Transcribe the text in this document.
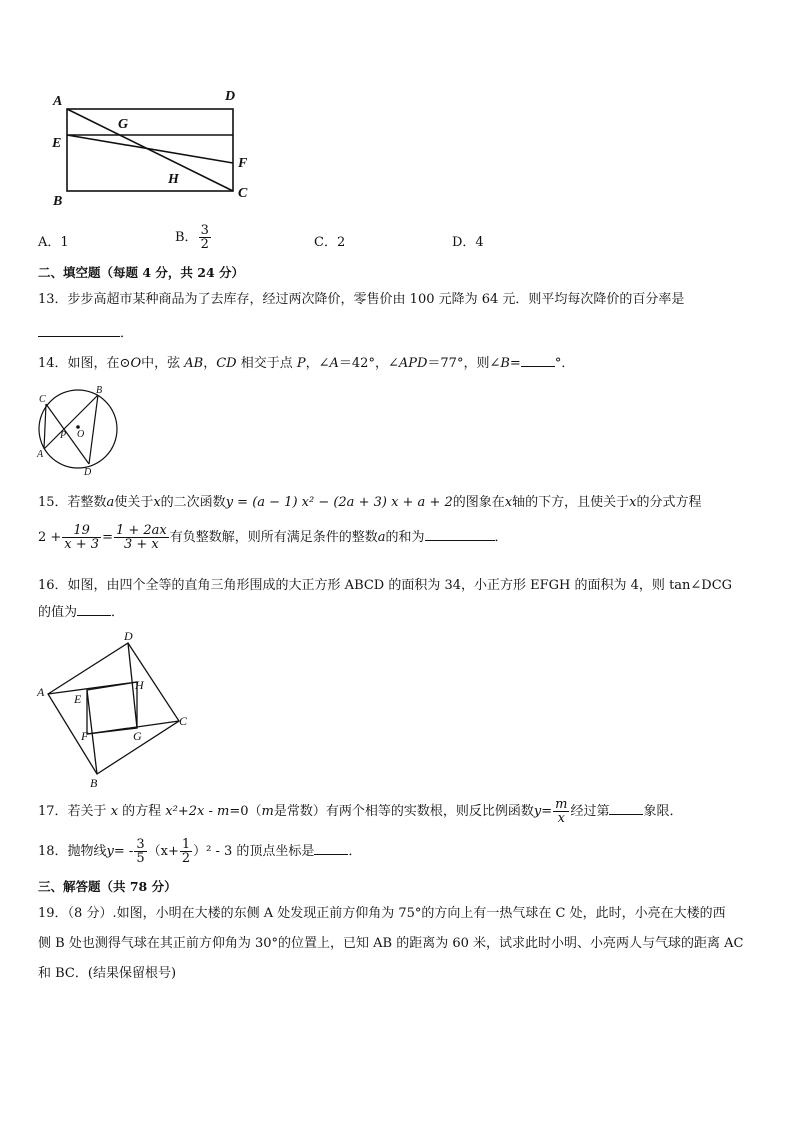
A	D
G
E
F
H
B
C
A．1	B． $\frac{3}{2}$	C．2	D．4
二、填空题（每题 4 分，共 24 分）
13．步步高超市某种商品为了去库存，经过两次降价，零售价由 100 元降为 64 元．则平均每次降价的百分率是
．
14．如图，在⊙O中，弦 AB，CD 相交于点 P，∠A＝42°，∠APD＝77°，则∠B=	°．
C
B
P O
A
D
15．若整数a使关于x的二次函数y = (a − 1) x² − (2a + 3) x + a + 2的图象在x轴的下方，且使关于x的分式方程
$2 + \frac{19}{x + 3} = \frac{1 + 2ax}{3 + x}$ 有负整数解，则所有满足条件的整数a的和为	．
16．如图，由四个全等的直角三角形围成的大正方形 ABCD 的面积为 34，小正方形 EFGH 的面积为 4，则 tan∠DCG
的值为	．
D
A	H
E
C
F	G
B
17．若关于 x 的方程 x²+2x - m=0（m是常数）有两个相等的实数根，则反比例函数$y= \frac{m}{x}$ 经过第	象限．
18．抛物线$y= - \frac{3}{5} (x+ \frac{1}{2} )^2 - 3$ 的顶点坐标是	．
三、解答题（共 78 分）
19．（8 分）.如图，小明在大楼的东侧 A 处发现正前方仰角为 75°的方向上有一热气球在 C 处，此时，小亮在大楼的西
侧 B 处也测得气球在其正前方仰角为 30°的位置上，已知 AB 的距离为 60 米，试求此时小明、小亮两人与气球的距离 AC
和 BC．(结果保留根号)
